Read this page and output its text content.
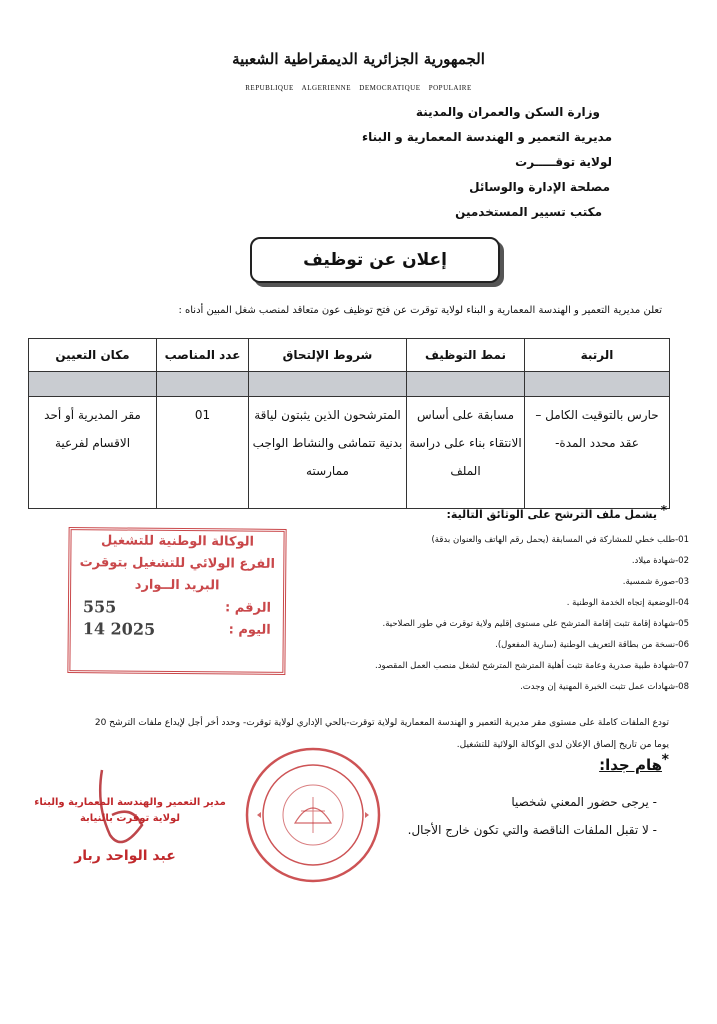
الجمهورية الجزائرية الديمقراطية الشعبية
REPUBLIQUE ALGERIENNE DEMOCRATIQUE POPULAIRE
وزارة السكن والعمران والمدينة
مديرية التعمير و الهندسة المعمارية و البناء
لولاية توقـــــرت
مصلحة الإدارة والوسائل
مكتب تسيير المستخدمين
إعلان عن توظيف
تعلن مديرية التعمير و الهندسة المعمارية و البناء لولاية توقرت عن فتح توظيف عون متعاقد لمنصب شغل المبين أدناه :
الرتبة	نمط التوظيف	شروط الإلتحاق	عدد المناصب	مكان التعيين

حارس بالتوقيت الكامل –عقد محدد المدة-	مسابقة على أساس الانتقاء بناء على دراسة الملف	المترشحون الذين يثبتون لياقة بدنية تتماشى والنشاط الواجب ممارسته	01	مقر المديرية أو أحد الاقسام لفرعية
*
يشمل ملف الترشح على الوثائق التالية:
01-طلب خطي للمشاركة في المسابقة (يحمل رقم الهاتف والعنوان بدقة)
02-شهادة ميلاد.
03-صورة شمسية.
04-الوضعية إتجاه الخدمة الوطنية .
05-شهادة إقامة تثبت إقامة المترشح على مستوى إقليم ولاية توقرت في طور الصلاحية.
06-نسخة من بطاقة التعريف الوطنية (سارية المفعول).
07-شهادة طبية صدرية وعامة تثبت أهلية المترشح المترشح لشغل منصب العمل المقصود.
08-شهادات عمل تثبت الخبرة المهنية إن وجدت.
الوكالة الوطنية للتشغيل
الفرع الولائي للتشغيل بتوقرت
البريد الــوارد
الرقم :
555
اليوم :
2025 14
تودع الملفات كاملة على مستوى مقر مديرية التعمير و الهندسة المعمارية لولاية توقرت-بالحي الإداري لولاية توقرت- وحدد أخر أجل لإيداع ملفات الترشح 20
يوما من تاريخ إلصاق الإعلان لدى الوكالة الولائية للتشغيل.
*
هام جدا:
- يرجى حضور المعني شخصيا
- لا تقبل الملفات الناقصة والتي تكون خارج الأجال.
مدير التعمير والهندسة المعمارية والبناء
لولاية توقرت بالنيابة
عبد الواحد ربار
